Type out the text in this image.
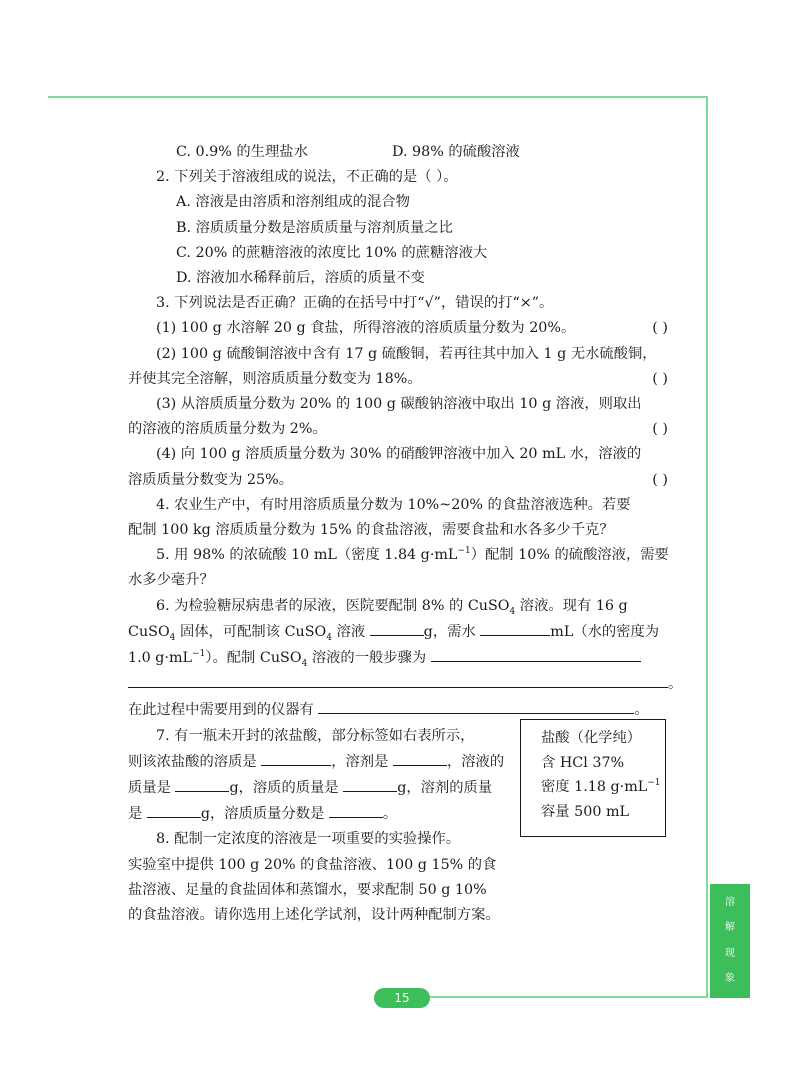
溶
解
现
象
15
C. 0.9% 的生理盐水	D. 98% 的硫酸溶液

2. 下列关于溶液组成的说法，不正确的是（ ）。

A. 溶液是由溶质和溶剂组成的混合物

B. 溶质质量分数是溶质质量与溶剂质量之比

C. 20% 的蔗糖溶液的浓度比 10% 的蔗糖溶液大

D. 溶液加水稀释前后，溶质的质量不变

3. 下列说法是否正确？正确的在括号中打“√”，错误的打“×”。

(1) 100 g 水溶解 20 g 食盐，所得溶液的溶质质量分数为 20%。	( )

(2) 100 g 硫酸铜溶液中含有 17 g 硫酸铜，若再往其中加入 1 g 无水硫酸铜，

并使其完全溶解，则溶质质量分数变为 18%。	( )

(3) 从溶质质量分数为 20% 的 100 g 碳酸钠溶液中取出 10 g 溶液，则取出

的溶液的溶质质量分数为 2%。	( )

(4) 向 100 g 溶质质量分数为 30% 的硝酸钾溶液中加入 20 mL 水，溶液的

溶质质量分数变为 25%。	( )

4. 农业生产中，有时用溶质质量分数为 10%~20% 的食盐溶液选种。若要

配制 100 kg 溶质质量分数为 15% 的食盐溶液，需要食盐和水各多少千克？

5. 用 98% 的浓硫酸 10 mL（密度 1.84 $g\cdot mL^{-1}$）配制 10% 的硫酸溶液，需要

水多少毫升？

6. 为检验糖尿病患者的尿液，医院要配制 8% 的 CuSO$_4$ 溶液。现有 16 g

CuSO$_4$ 固体，可配制该 CuSO$_4$ 溶液	g，需水	mL（水的密度为

1.0 $g\cdot mL^{-1}$）。配制 CuSO$_4$ 溶液的一般步骤为

。

在此过程中需要用到的仪器有	。

7. 有一瓶未开封的浓盐酸，部分标签如右表所示，

则该浓盐酸的溶质是	，溶剂是	，溶液的

质量是	g，溶质的质量是	g，溶剂的质量

是	g，溶质质量分数是	。

8. 配制一定浓度的溶液是一项重要的实验操作。

实验室中提供 100 g 20% 的食盐溶液、100 g 15% 的食

盐溶液、足量的食盐固体和蒸馏水，要求配制 50 g 10%

的食盐溶液。请你选用上述化学试剂，设计两种配制方案。

盐酸（化学纯）

含 HCl 37%

密度 1.18 $g\cdot mL^{-1}$

容量 500 mL
